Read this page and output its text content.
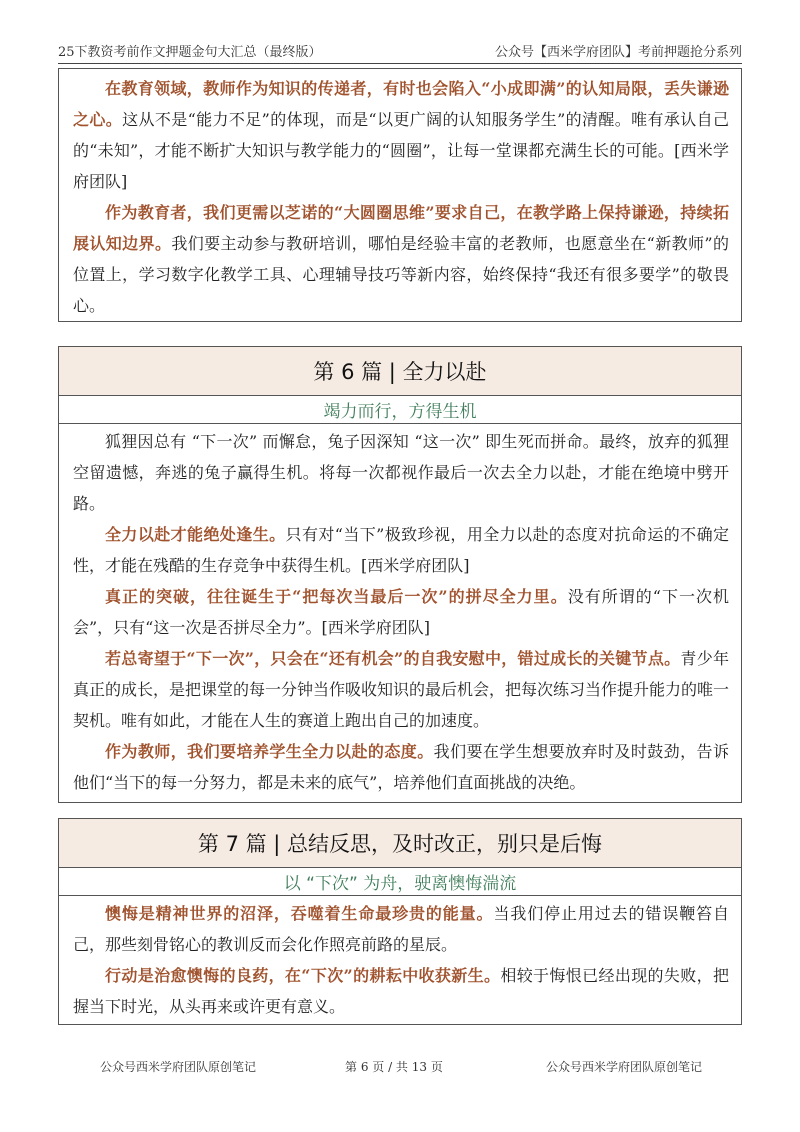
25下教资考前作文押题金句大汇总（最终版）	公众号【西米学府团队】考前押题抢分系列

在教育领域，教师作为知识的传递者，有时也会陷入“小成即满”的认知局限，丢失谦逊之心。这从不是“能力不足”的体现，而是“以更广阔的认知服务学生”的清醒。唯有承认自己的“未知”，才能不断扩大知识与教学能力的“圆圈”，让每一堂课都充满生长的可能。[西米学府团队]

作为教育者，我们更需以芝诺的“大圆圈思维”要求自己，在教学路上保持谦逊，持续拓展认知边界。我们要主动参与教研培训，哪怕是经验丰富的老教师，也愿意坐在“新教师”的位置上，学习数字化教学工具、心理辅导技巧等新内容，始终保持“我还有很多要学”的敬畏心。

第 6 篇 | 全力以赴
竭力而行，方得生机

狐狸因总有 “下一次” 而懈怠，兔子因深知 “这一次” 即生死而拼命。最终，放弃的狐狸空留遗憾，奔逃的兔子赢得生机。将每一次都视作最后一次去全力以赴，才能在绝境中劈开路。

全力以赴才能绝处逢生。只有对“当下”极致珍视，用全力以赴的态度对抗命运的不确定性，才能在残酷的生存竞争中获得生机。[西米学府团队]

真正的突破，往往诞生于“把每次当最后一次”的拼尽全力里。没有所谓的“下一次机会”，只有“这一次是否拼尽全力”。[西米学府团队]

若总寄望于“下一次”，只会在“还有机会”的自我安慰中，错过成长的关键节点。青少年真正的成长，是把课堂的每一分钟当作吸收知识的最后机会，把每次练习当作提升能力的唯一契机。唯有如此，才能在人生的赛道上跑出自己的加速度。

作为教师，我们要培养学生全力以赴的态度。我们要在学生想要放弃时及时鼓劲，告诉他们“当下的每一分努力，都是未来的底气”，培养他们直面挑战的决绝。

第 7 篇 | 总结反思，及时改正，别只是后悔
以 “下次” 为舟，驶离懊悔湍流

懊悔是精神世界的沼泽，吞噬着生命最珍贵的能量。当我们停止用过去的错误鞭笞自己，那些刻骨铭心的教训反而会化作照亮前路的星辰。

行动是治愈懊悔的良药，在“下次”的耕耘中收获新生。相较于悔恨已经出现的失败，把握当下时光，从头再来或许更有意义。

公众号西米学府团队原创笔记	第 6 页 / 共 13 页	公众号西米学府团队原创笔记
